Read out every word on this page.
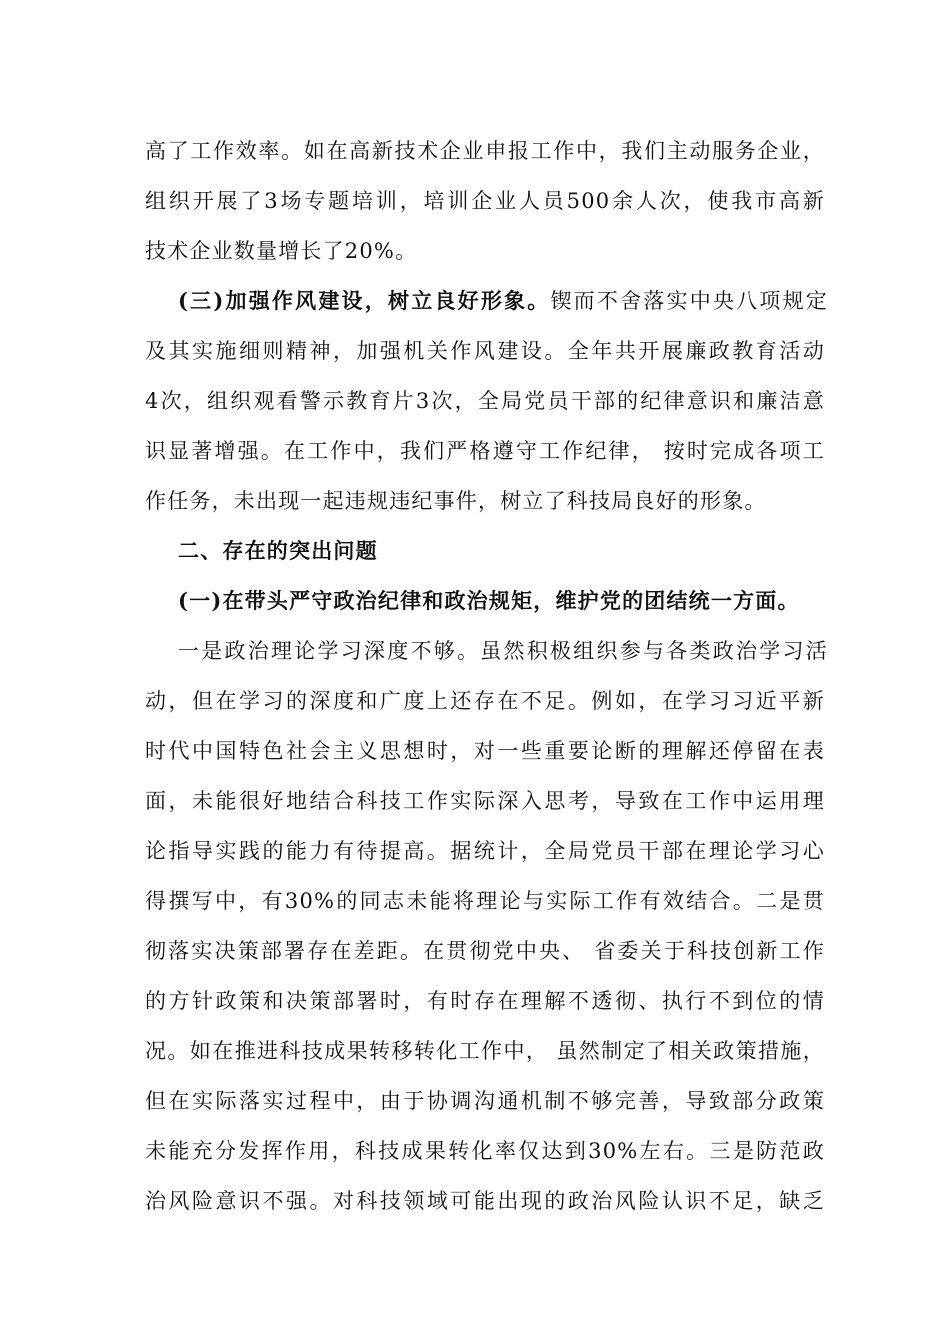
高了工作效率。如在高新技术企业申报工作中，我们主动服务企业，
组织开展了3场专题培训，培训企业人员500余人次，使我市高新
技术企业数量增长了20%。
(三)加强作风建设，树立良好形象。锲而不舍落实中央八项规定
及其实施细则精神，加强机关作风建设。全年共开展廉政教育活动
4次，组织观看警示教育片3次，全局党员干部的纪律意识和廉洁意
识显著增强。在工作中，我们严格遵守工作纪律， 按时完成各项工
作任务，未出现一起违规违纪事件，树立了科技局良好的形象。
二、存在的突出问题
(一)在带头严守政治纪律和政治规矩，维护党的团结统一方面。
一是政治理论学习深度不够。虽然积极组织参与各类政治学习活
动，但在学习的深度和广度上还存在不足。例如，在学习习近平新
时代中国特色社会主义思想时，对一些重要论断的理解还停留在表
面，未能很好地结合科技工作实际深入思考，导致在工作中运用理
论指导实践的能力有待提高。据统计，全局党员干部在理论学习心
得撰写中，有30%的同志未能将理论与实际工作有效结合。二是贯
彻落实决策部署存在差距。在贯彻党中央、 省委关于科技创新工作
的方针政策和决策部署时，有时存在理解不透彻、执行不到位的情
况。如在推进科技成果转移转化工作中， 虽然制定了相关政策措施，
但在实际落实过程中，由于协调沟通机制不够完善，导致部分政策
未能充分发挥作用，科技成果转化率仅达到30%左右。三是防范政
治风险意识不强。对科技领域可能出现的政治风险认识不足，缺乏
